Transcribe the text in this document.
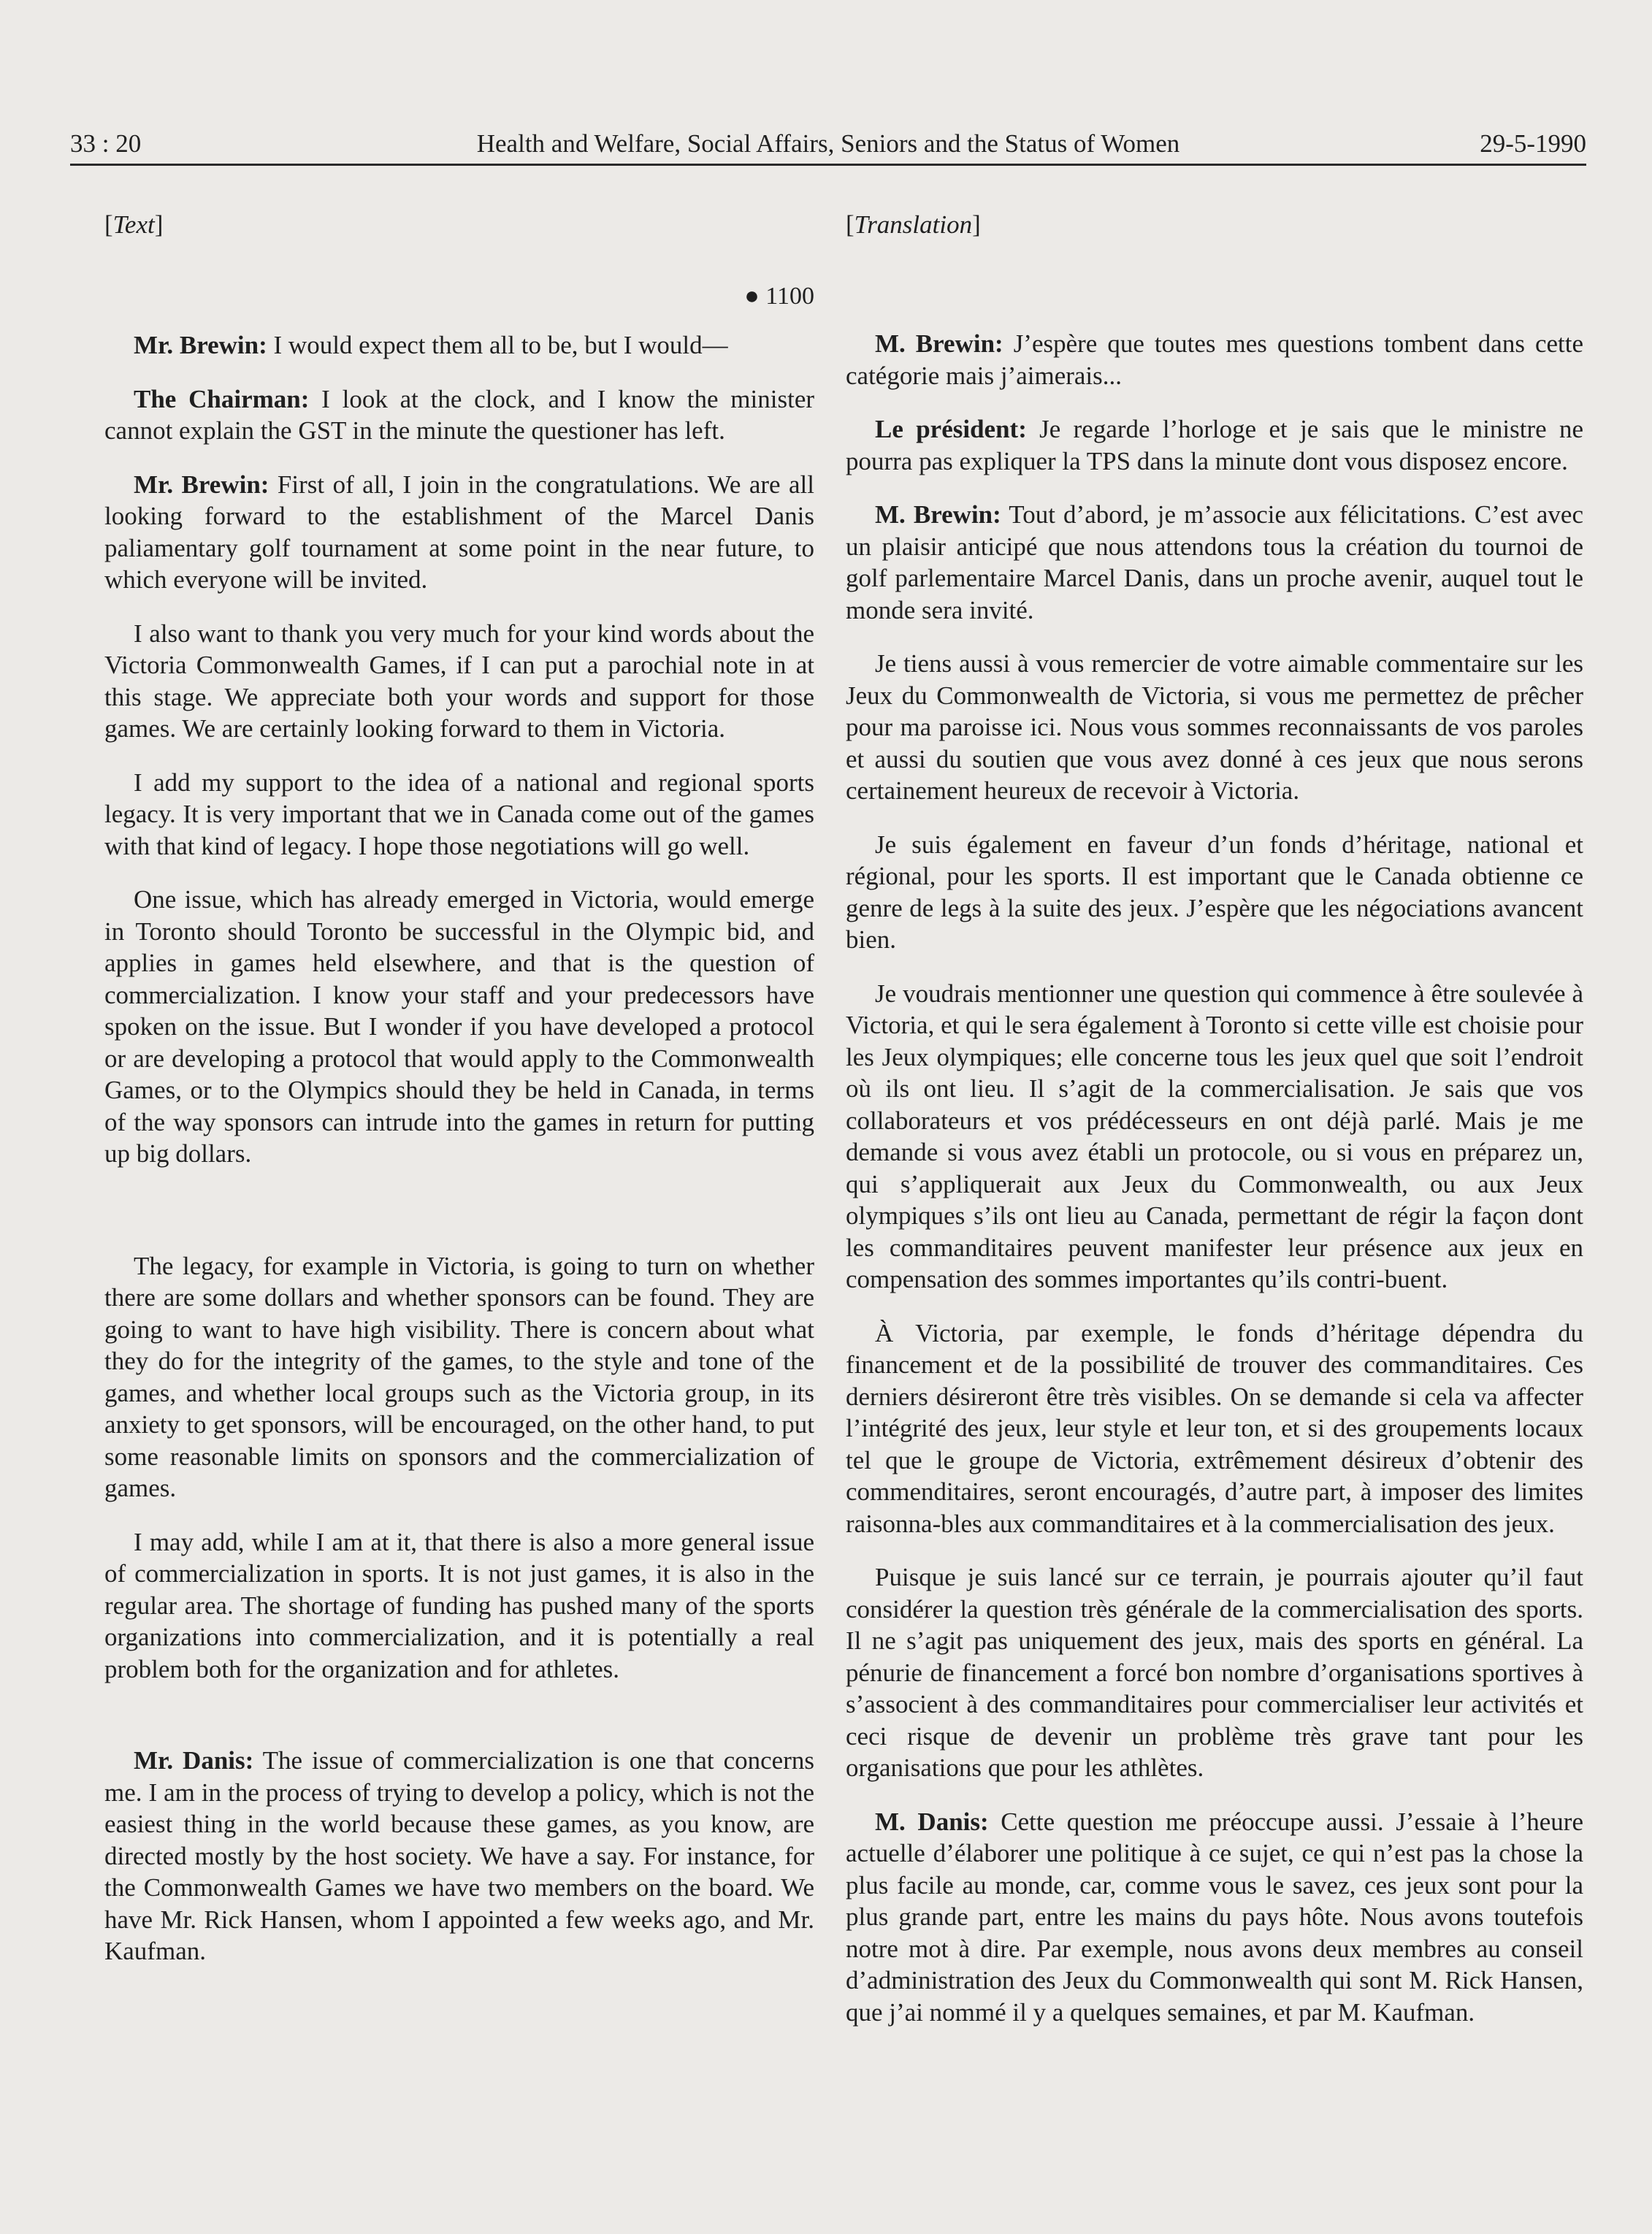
33 : 20	Health and Welfare, Social Affairs, Seniors and the Status of Women	29-5-1990
[Text]
● 1100

Mr. Brewin: I would expect them all to be, but I would—

The Chairman: I look at the clock, and I know the minister cannot explain the GST in the minute the questioner has left.

Mr. Brewin: First of all, I join in the congratulations. We are all looking forward to the establishment of the Marcel Danis paliamentary golf tournament at some point in the near future, to which everyone will be invited.

I also want to thank you very much for your kind words about the Victoria Commonwealth Games, if I can put a parochial note in at this stage. We appreciate both your words and support for those games. We are certainly looking forward to them in Victoria.

I add my support to the idea of a national and regional sports legacy. It is very important that we in Canada come out of the games with that kind of legacy. I hope those negotiations will go well.

One issue, which has already emerged in Victoria, would emerge in Toronto should Toronto be successful in the Olympic bid, and applies in games held elsewhere, and that is the question of commercialization. I know your staff and your predecessors have spoken on the issue. But I wonder if you have developed a protocol or are developing a protocol that would apply to the Commonwealth Games, or to the Olympics should they be held in Canada, in terms of the way sponsors can intrude into the games in return for putting up big dollars.

The legacy, for example in Victoria, is going to turn on whether there are some dollars and whether sponsors can be found. They are going to want to have high visibility. There is concern about what they do for the integrity of the games, to the style and tone of the games, and whether local groups such as the Victoria group, in its anxiety to get sponsors, will be encouraged, on the other hand, to put some reasonable limits on sponsors and the commercialization of games.

I may add, while I am at it, that there is also a more general issue of commercialization in sports. It is not just games, it is also in the regular area. The shortage of funding has pushed many of the sports organizations into commercialization, and it is potentially a real problem both for the organization and for athletes.

Mr. Danis: The issue of commercialization is one that concerns me. I am in the process of trying to develop a policy, which is not the easiest thing in the world because these games, as you know, are directed mostly by the host society. We have a say. For instance, for the Commonwealth Games we have two members on the board. We have Mr. Rick Hansen, whom I appointed a few weeks ago, and Mr. Kaufman.

[Translation]

M. Brewin: J’espère que toutes mes questions tombent dans cette catégorie mais j’aimerais...

Le président: Je regarde l’horloge et je sais que le ministre ne pourra pas expliquer la TPS dans la minute dont vous disposez encore.

M. Brewin: Tout d’abord, je m’associe aux félicitations. C’est avec un plaisir anticipé que nous attendons tous la création du tournoi de golf parlementaire Marcel Danis, dans un proche avenir, auquel tout le monde sera invité.

Je tiens aussi à vous remercier de votre aimable commentaire sur les Jeux du Commonwealth de Victoria, si vous me permettez de prêcher pour ma paroisse ici. Nous vous sommes reconnaissants de vos paroles et aussi du soutien que vous avez donné à ces jeux que nous serons certainement heureux de recevoir à Victoria.

Je suis également en faveur d’un fonds d’héritage, national et régional, pour les sports. Il est important que le Canada obtienne ce genre de legs à la suite des jeux. J’espère que les négociations avancent bien.

Je voudrais mentionner une question qui commence à être soulevée à Victoria, et qui le sera également à Toronto si cette ville est choisie pour les Jeux olympiques; elle concerne tous les jeux quel que soit l’endroit où ils ont lieu. Il s’agit de la commercialisation. Je sais que vos collaborateurs et vos prédécesseurs en ont déjà parlé. Mais je me demande si vous avez établi un protocole, ou si vous en préparez un, qui s’appliquerait aux Jeux du Commonwealth, ou aux Jeux olympiques s’ils ont lieu au Canada, permettant de régir la façon dont les commanditaires peuvent manifester leur présence aux jeux en compensation des sommes importantes qu’ils contri-buent.

À Victoria, par exemple, le fonds d’héritage dépendra du financement et de la possibilité de trouver des commanditaires. Ces derniers désireront être très visibles. On se demande si cela va affecter l’intégrité des jeux, leur style et leur ton, et si des groupements locaux tel que le groupe de Victoria, extrêmement désireux d’obtenir des commenditaires, seront encouragés, d’autre part, à imposer des limites raisonna-bles aux commanditaires et à la commercialisation des jeux.

Puisque je suis lancé sur ce terrain, je pourrais ajouter qu’il faut considérer la question très générale de la commercialisation des sports. Il ne s’agit pas uniquement des jeux, mais des sports en général. La pénurie de financement a forcé bon nombre d’organisations sportives à s’associent à des commanditaires pour commercialiser leur activités et ceci risque de devenir un problème très grave tant pour les organisations que pour les athlètes.

M. Danis: Cette question me préoccupe aussi. J’essaie à l’heure actuelle d’élaborer une politique à ce sujet, ce qui n’est pas la chose la plus facile au monde, car, comme vous le savez, ces jeux sont pour la plus grande part, entre les mains du pays hôte. Nous avons toutefois notre mot à dire. Par exemple, nous avons deux membres au conseil d’administration des Jeux du Commonwealth qui sont M. Rick Hansen, que j’ai nommé il y a quelques semaines, et par M. Kaufman.
